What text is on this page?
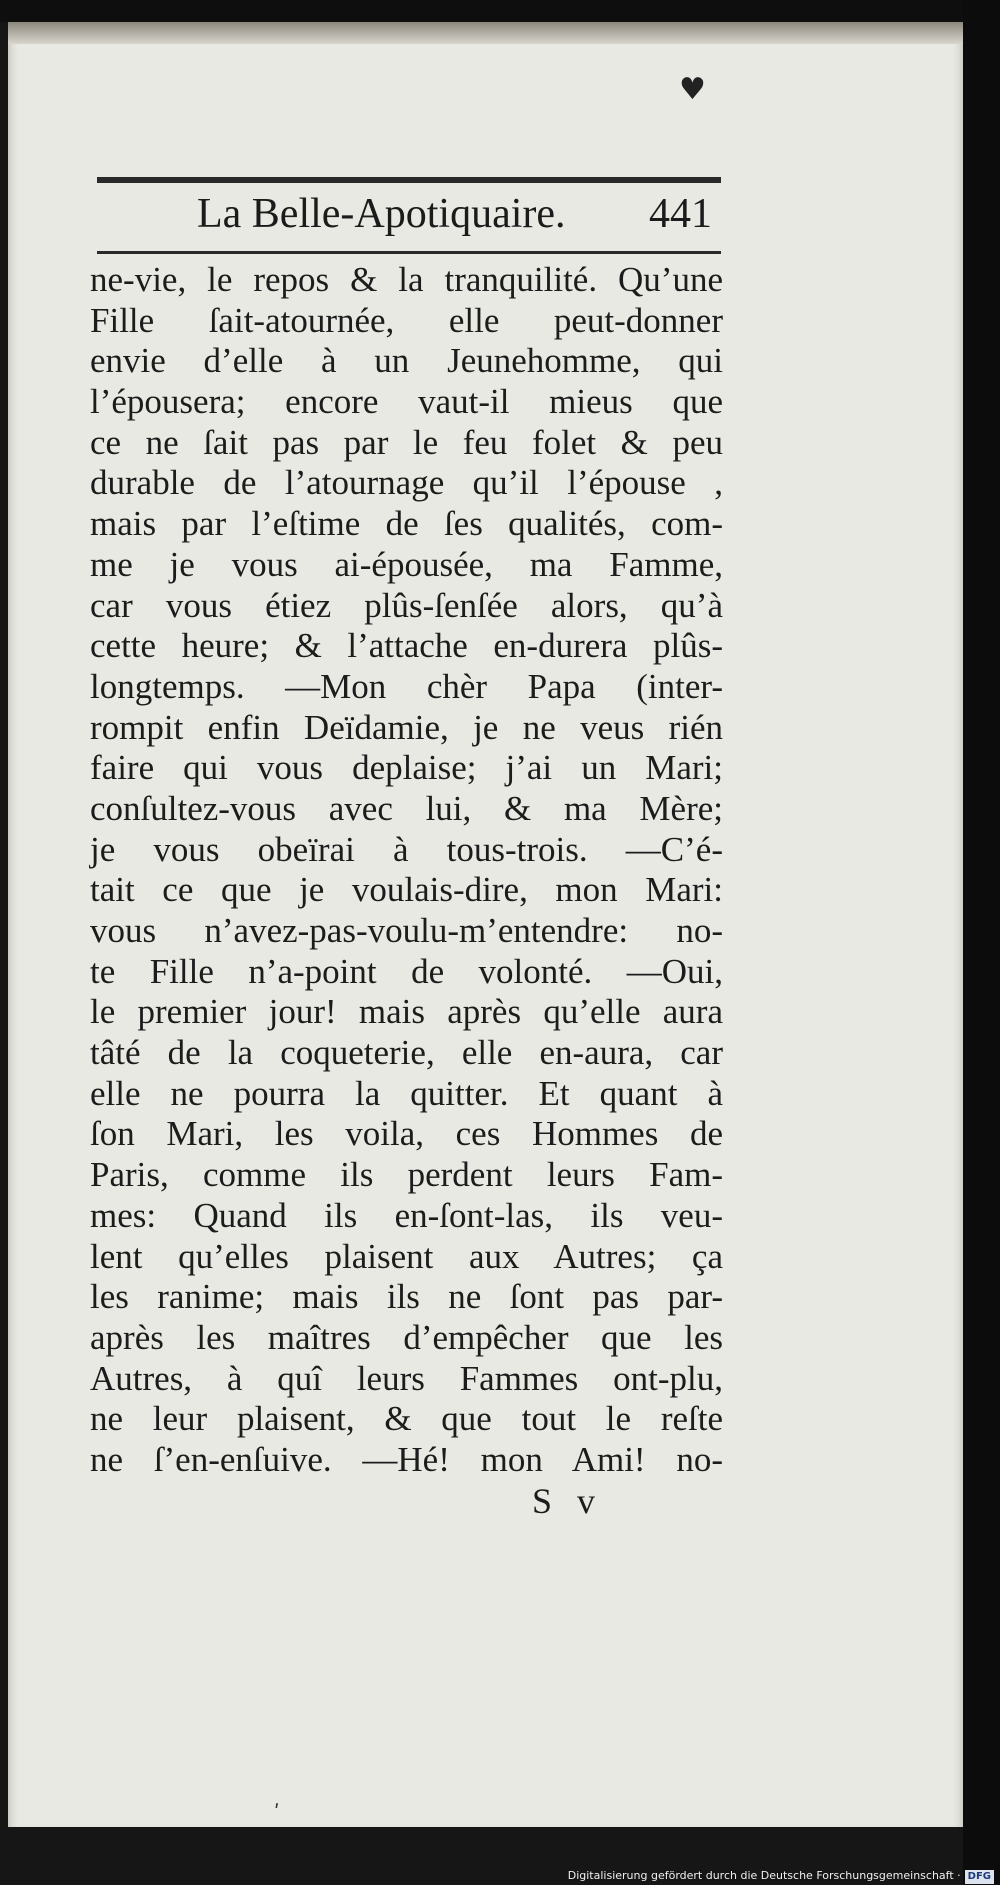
♥
La Belle-Apotiquaire. 441
ne-vie, le repos & la tranquilité. Qu’une
Fille ſait-atournée, elle peut-donner
envie d’elle à un Jeunehomme, qui
l’épousera; encore vaut-il mieus que
ce ne ſait pas par le feu folet & peu
durable de l’atournage qu’il l’épouse ,
mais par l’eſtime de ſes qualités, com-
me je vous ai-épousée, ma Famme,
car vous étiez plûs-ſenſée alors, qu’à
cette heure; & l’attache en-durera plûs-
longtemps. —Mon chèr Papa (inter-
rompit enfin Deïdamie, je ne veus rién
faire qui vous deplaise; j’ai un Mari;
conſultez-vous avec lui, & ma Mère;
je vous obeïrai à tous-trois. —C’é-
tait ce que je voulais-dire, mon Mari:
vous n’avez-pas-voulu-m’entendre: no-
te Fille n’a-point de volonté. —Oui,
le premier jour! mais après qu’elle aura
tâté de la coqueterie, elle en-aura, car
elle ne pourra la quitter. Et quant à
ſon Mari, les voila, ces Hommes de
Paris, comme ils perdent leurs Fam-
mes: Quand ils en-ſont-las, ils veu-
lent qu’elles plaisent aux Autres; ça
les ranime; mais ils ne ſont pas par-
après les maîtres d’empêcher que les
Autres, à quî leurs Fammes ont-plu,
ne leur plaisent, & que tout le reſte
ne ſ’en-enſuive. —Hé! mon Ami! no-
S v
ʹ
Digitalisierung gefördert durch die Deutsche Forschungsgemeinschaft · DFG
